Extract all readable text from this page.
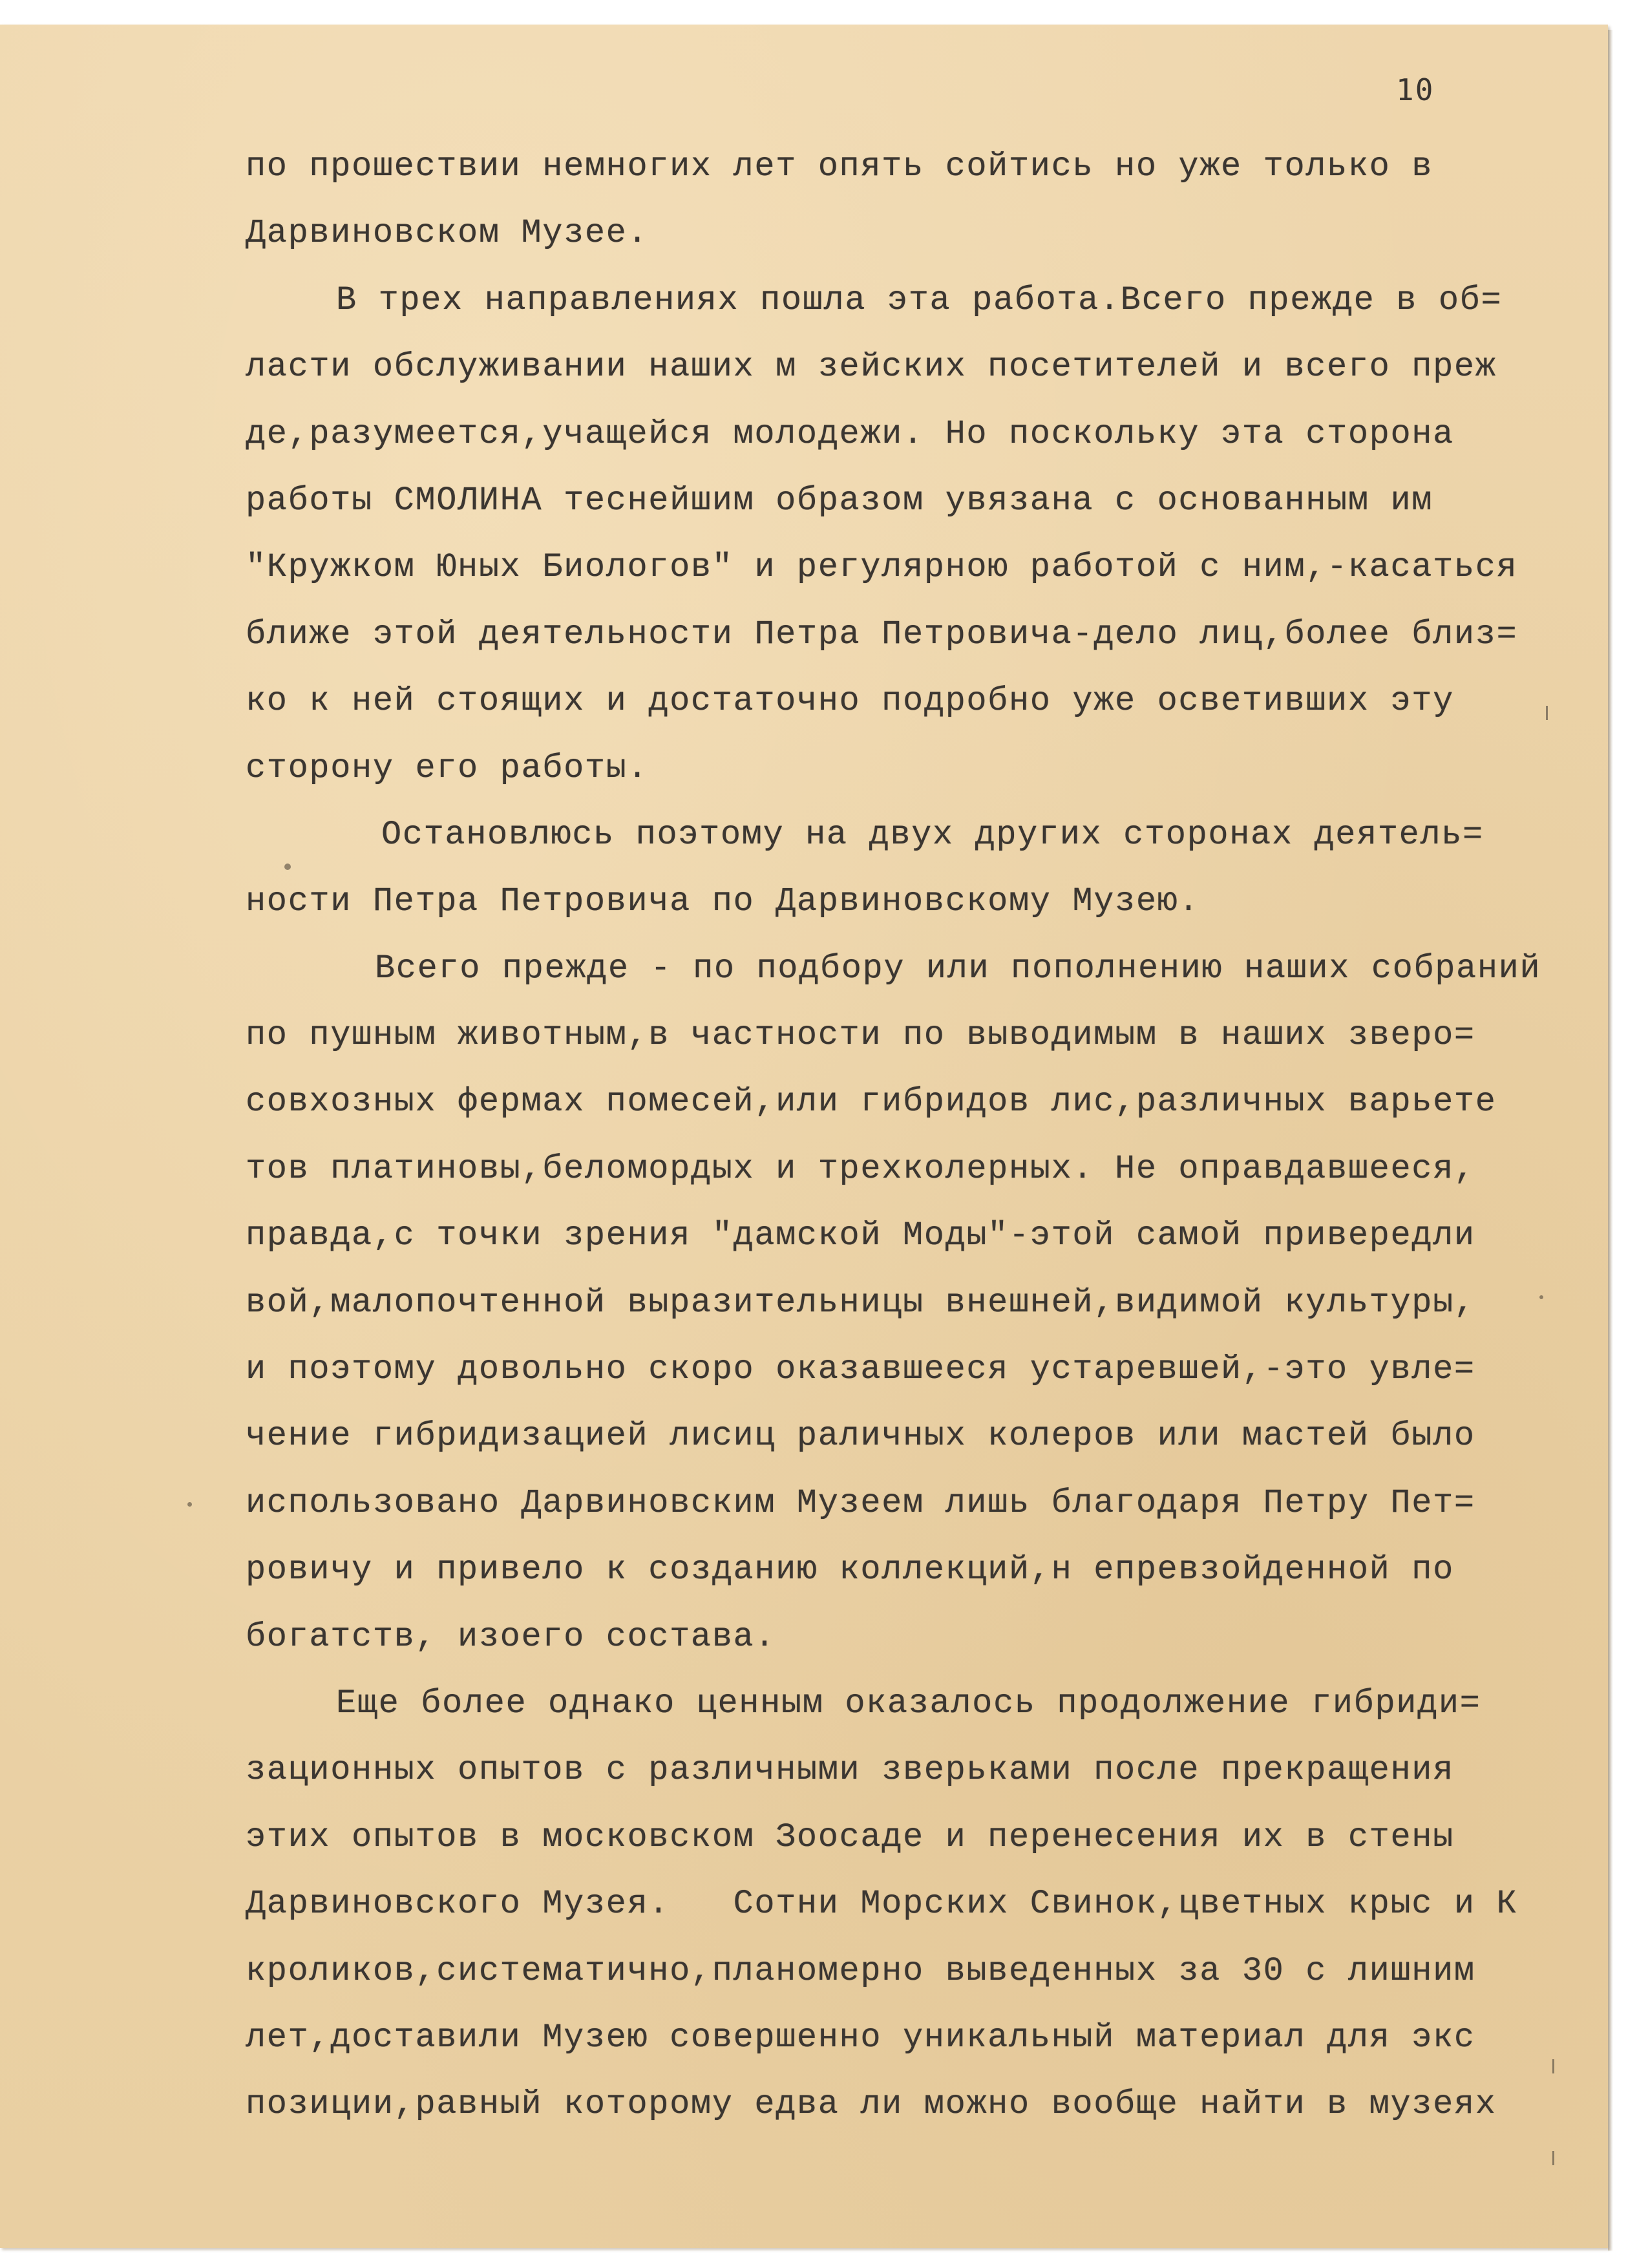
10
по прошествии немногих лет опять сойтись но уже только в
Дарвиновском Музее.
В трех направлениях пошла эта работа.Всего прежде в об=
ласти обслуживании наших м зейских посетителей и всего преж
де,разумеется,учащейся молодежи. Но поскольку эта сторона
работы СМОЛИНА теснейшим образом увязана с основанным им
"Кружком Юных Биологов" и регулярною работой с ним,-касаться
ближе этой деятельности Петра Петровича-дело лиц,более близ=
ко к ней стоящих и достаточно подробно уже осветивших эту
сторону его работы.
Остановлюсь поэтому на двух других сторонах деятель=
ности Петра Петровича по Дарвиновскому Музею.
Всего прежде - по подбору или пополнению наших собраний
по пушным животным,в частности по выводимым в наших зверо=
совхозных фермах помесей,или гибридов лис,различных варьете
тов платиновы,беломордых и трехколерных. Не оправдавшееся,
правда,с точки зрения "дамской Моды"-этой самой привередли
вой,малопочтенной выразительницы внешней,видимой культуры,
и поэтому довольно скоро оказавшееся устаревшей,-это увле=
чение гибридизацией лисиц раличных колеров или мастей было
использовано Дарвиновским Музеем лишь благодаря Петру Пет=
ровичу и привело к созданию коллекций,н епревзойденной по
богатств, изоего состава.
Еще более однако ценным оказалось продолжение гибриди=
зационных опытов с различными зверьками после прекращения
этих опытов в московском Зоосаде и перенесения их в стены
Дарвиновского Музея.   Сотни Морских Свинок,цветных крыс и К
кроликов,систематично,планомерно выведенных за 30 с лишним
лет,доставили Музею совершенно уникальный материал для экс
позиции,равный которому едва ли можно вообще найти в музеях
